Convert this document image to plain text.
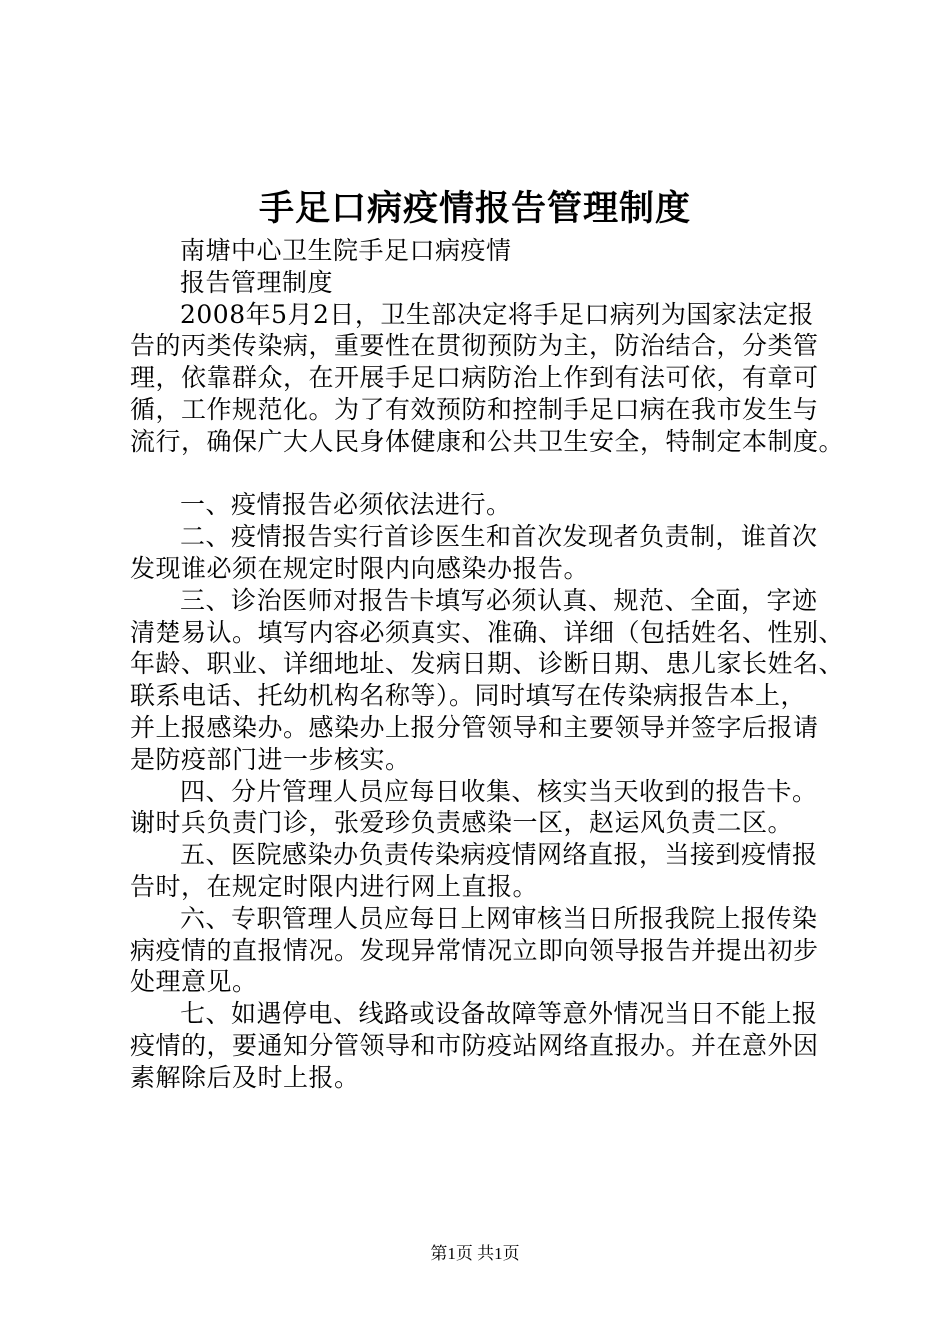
手足口病疫情报告管理制度
南塘中心卫生院手足口病疫情
报告管理制度
2008年5月2日，卫生部决定将手足口病列为国家法定报
告的丙类传染病，重要性在贯彻预防为主，防治结合，分类管
理，依靠群众，在开展手足口病防治上作到有法可依，有章可
循，工作规范化。为了有效预防和控制手足口病在我市发生与
流行，确保广大人民身体健康和公共卫生安全，特制定本制度。
一、疫情报告必须依法进行。
二、疫情报告实行首诊医生和首次发现者负责制，谁首次
发现谁必须在规定时限内向感染办报告。
三、诊治医师对报告卡填写必须认真、规范、全面，字迹
清楚易认。填写内容必须真实、准确、详细（包括姓名、性别、
年龄、职业、详细地址、发病日期、诊断日期、患儿家长姓名、
联系电话、托幼机构名称等）。同时填写在传染病报告本上，
并上报感染办。感染办上报分管领导和主要领导并签字后报请
是防疫部门进一步核实。
四、分片管理人员应每日收集、核实当天收到的报告卡。
谢时兵负责门诊，张爱珍负责感染一区，赵运风负责二区。
五、医院感染办负责传染病疫情网络直报，当接到疫情报
告时，在规定时限内进行网上直报。
六、专职管理人员应每日上网审核当日所报我院上报传染
病疫情的直报情况。发现异常情况立即向领导报告并提出初步
处理意见。
七、如遇停电、线路或设备故障等意外情况当日不能上报
疫情的，要通知分管领导和市防疫站网络直报办。并在意外因
素解除后及时上报。
第1页 共1页
